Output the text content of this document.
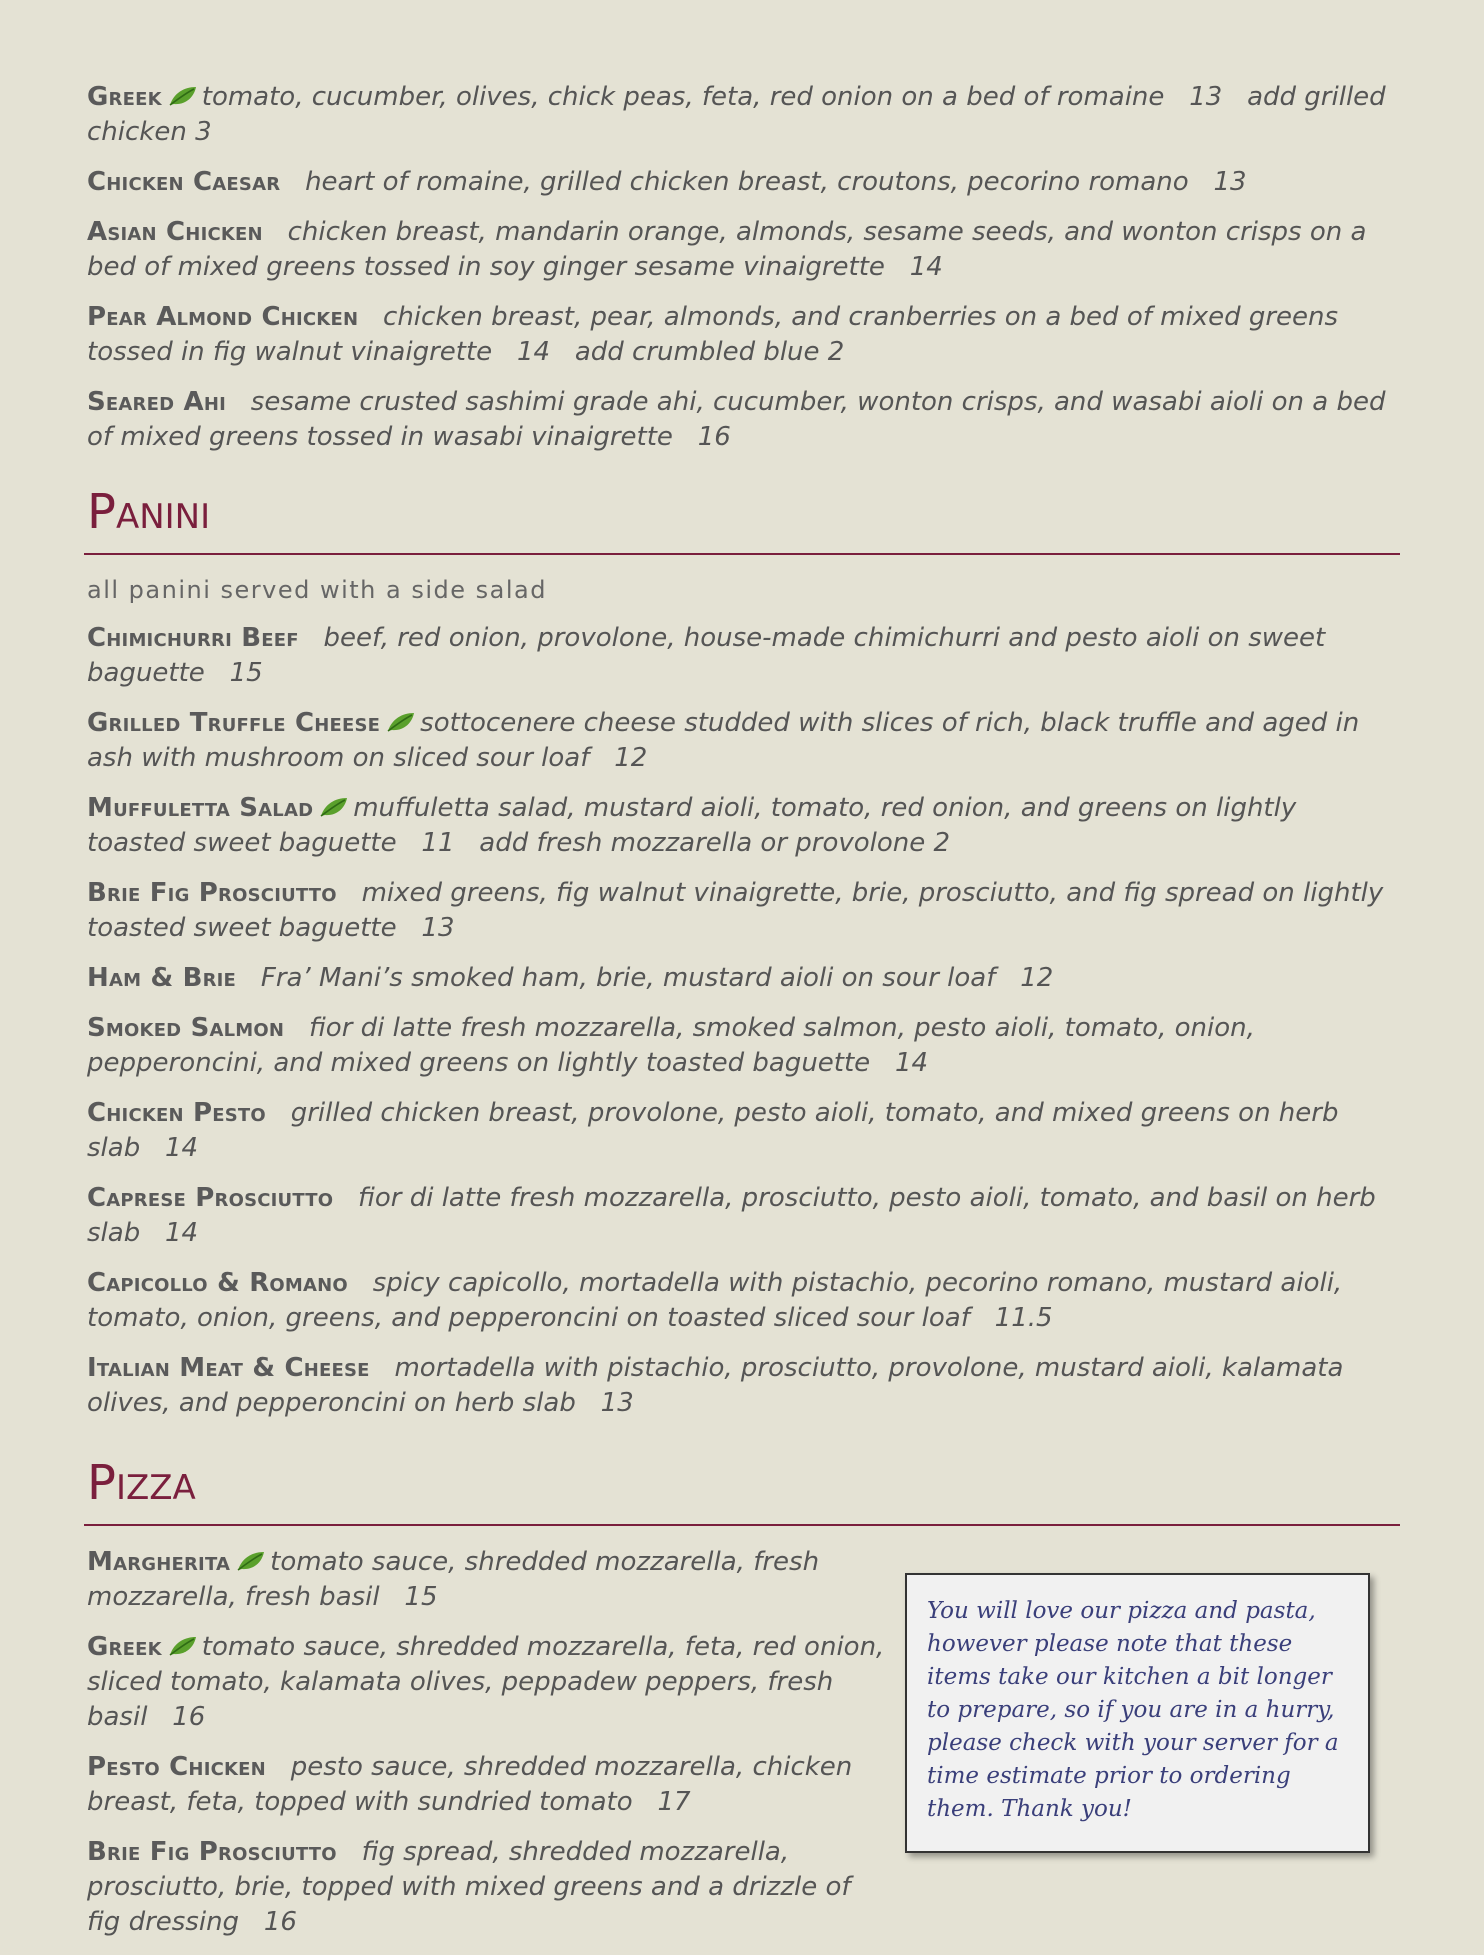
Greek tomato, cucumber, olives, chick peas, feta, red onion on a bed of romaine 13 add grilled chicken 3
Chicken Caesar heart of romaine, grilled chicken breast, croutons, pecorino romano 13
Asian Chicken chicken breast, mandarin orange, almonds, sesame seeds, and wonton crisps on a bed of mixed greens tossed in soy ginger sesame vinaigrette 14
Pear Almond Chicken chicken breast, pear, almonds, and cranberries on a bed of mixed greens tossed in fig walnut vinaigrette 14 add crumbled blue 2
Seared Ahi sesame crusted sashimi grade ahi, cucumber, wonton crisps, and wasabi aioli on a bed of mixed greens tossed in wasabi vinaigrette 16
Panini
all panini served with a side salad
Chimichurri Beef beef, red onion, provolone, house-made chimichurri and pesto aioli on sweet baguette 15
Grilled Truffle Cheese sottocenere cheese studded with slices of rich, black truffle and aged in ash with mushroom on sliced sour loaf 12
Muffuletta Salad muffuletta salad, mustard aioli, tomato, red onion, and greens on lightly toasted sweet baguette 11 add fresh mozzarella or provolone 2
Brie Fig Prosciutto mixed greens, fig walnut vinaigrette, brie, prosciutto, and fig spread on lightly toasted sweet baguette 13
Ham & Brie Fra’ Mani’s smoked ham, brie, mustard aioli on sour loaf 12
Smoked Salmon fior di latte fresh mozzarella, smoked salmon, pesto aioli, tomato, onion, pepperoncini, and mixed greens on lightly toasted baguette 14
Chicken Pesto grilled chicken breast, provolone, pesto aioli, tomato, and mixed greens on herb slab 14
Caprese Prosciutto fior di latte fresh mozzarella, prosciutto, pesto aioli, tomato, and basil on herb slab 14
Capicollo & Romano spicy capicollo, mortadella with pistachio, pecorino romano, mustard aioli, tomato, onion, greens, and pepperoncini on toasted sliced sour loaf 11.5
Italian Meat & Cheese mortadella with pistachio, prosciutto, provolone, mustard aioli, kalamata olives, and pepperoncini on herb slab 13
Pizza
Margherita tomato sauce, shredded mozzarella, fresh mozzarella, fresh basil 15
Greek tomato sauce, shredded mozzarella, feta, red onion, sliced tomato, kalamata olives, peppadew peppers, fresh basil 16
Pesto Chicken pesto sauce, shredded mozzarella, chicken breast, feta, topped with sundried tomato 17
Brie Fig Prosciutto fig spread, shredded mozzarella, prosciutto, brie, topped with mixed greens and a drizzle of fig dressing 16
You will love our pizza and pasta, however please note that these items take our kitchen a bit longer to prepare, so if you are in a hurry, please check with your server for a time estimate prior to ordering them. Thank you!
